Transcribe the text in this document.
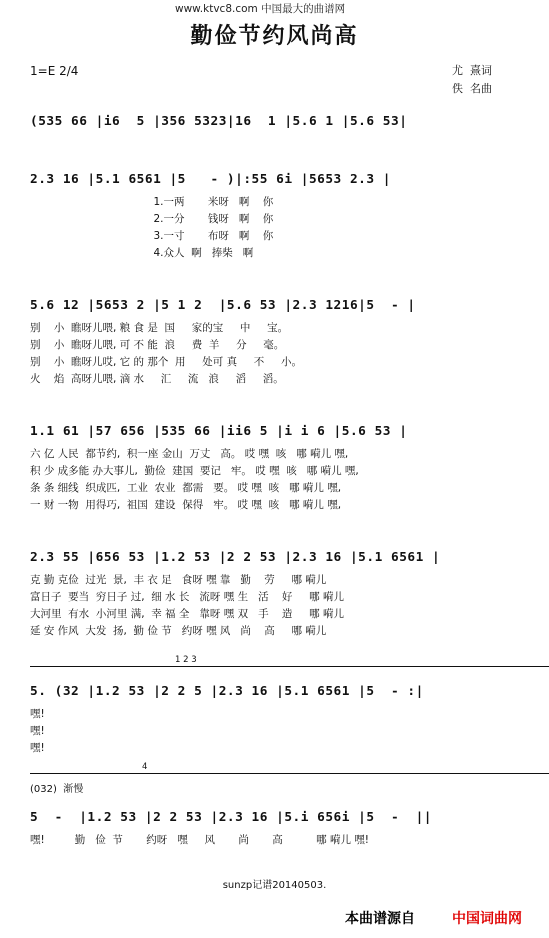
www.ktvc8.com 中国最大的曲谱网
勤俭节约风尚高
1=E 2/4	尤  熹词
佚  名曲
(535 66 |i6  5 |356 5323|16  1 |5.6 1 |5.6 53|
2.3 16 |5.1 6561 |5   - )|:55 6i |5653 2.3 |
1.一两       米呀   啊    你
2.一分       钱呀   啊    你
3.一寸       布呀   啊    你
4.众人  啊   捧柴   啊
5.6 12 |5653 2 |5 1 2  |5.6 53 |2.3 1216|5  - |
别    小  瞧呀儿喂, 粮 食 是  国     家的宝     中     宝。
别    小  瞧呀儿喂, 可 不 能  浪     费  羊     分     毫。
别    小  瞧呀儿哎, 它 的 那个  用     处可 真     不     小。
火    焰  高呀儿喂, 滴 水     汇     流   浪     滔     滔。
1.1 61 |57 656 |535 66 |ii6 5 |i i 6 |5.6 53 |
六 亿 人民  都节约,  积一座 金山  万丈   高。 哎 嘿  咳   哪 嗬儿 嘿,
积 少 成多能 办大事儿,  勤俭  建国  要记   牢。 哎 嘿  咳   哪 嗬儿 嘿,
条 条 细线  织成匹,  工业  农业  都需   要。 哎 嘿  咳   哪 嗬儿 嘿,
一 财 一物  用得巧,  祖国  建设  保得   牢。 哎 嘿  咳   哪 嗬儿 嘿,
2.3 55 |656 53 |1.2 53 |2 2 53 |2.3 16 |5.1 6561 |
克 勤 克俭  过光  景,  丰 衣 足   食呀 嘿 靠   勤    劳     哪 嗬儿
富日子  要当  穷日子 过,  细 水 长   流呀 嘿 生   活    好     哪 嗬儿
大河里  有水  小河里 满,  幸 福 全   靠呀 嘿 双   手    造     哪 嗬儿
延 安 作风  大发  扬,  勤 俭 节   约呀 嘿 风   尚    高     哪 嗬儿
1 2 3
5. (32 |1.2 53 |2 2 5 |2.3 16 |5.1 6561 |5  - :|
嘿!
嘿!
嘿!
4
(032)  渐慢
5  -  |1.2 53 |2 2 53 |2.3 16 |5.i 656i |5  -  ||
嘿!         勤   俭  节       约呀   嘿     风       尚       高          哪 嗬儿 嘿!
sunzp记谱20140503.
本曲谱源自	中国词曲网
